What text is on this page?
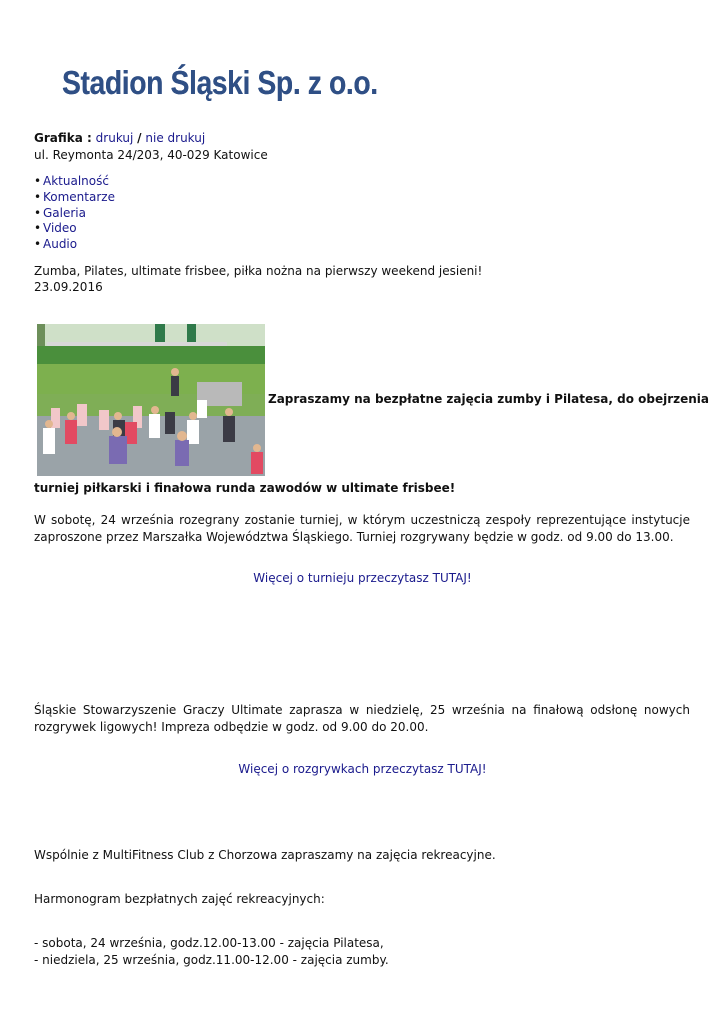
Stadion Śląski Sp. z o.o.
Grafika : drukuj / nie drukuj
ul. Reymonta 24/203, 40-029 Katowice
• Aktualność
• Komentarze
• Galeria
• Video
• Audio
Zumba, Pilates, ultimate frisbee, piłka nożna na pierwszy weekend jesieni!
23.09.2016
Zapraszamy na bezpłatne zajęcia zumby i Pilatesa, do obejrzenia
turniej piłkarski i finałowa runda zawodów w ultimate frisbee!
W sobotę, 24 września rozegrany zostanie turniej, w którym uczestniczą zespoły reprezentujące instytucje zaproszone przez Marszałka Województwa Śląskiego. Turniej rozgrywany będzie w godz. od 9.00 do 13.00.
Więcej o turnieju przeczytasz TUTAJ!
Śląskie Stowarzyszenie Graczy Ultimate zaprasza w niedzielę, 25 września na finałową odsłonę nowych rozgrywek ligowych! Impreza odbędzie w godz. od 9.00 do 20.00.
Więcej o rozgrywkach przeczytasz TUTAJ!
Wspólnie z MultiFitness Club z Chorzowa zapraszamy na zajęcia rekreacyjne.
Harmonogram bezpłatnych zajęć rekreacyjnych:
- sobota, 24 września, godz.12.00-13.00 - zajęcia Pilatesa,
- niedziela, 25 września, godz.11.00-12.00 - zajęcia zumby.
